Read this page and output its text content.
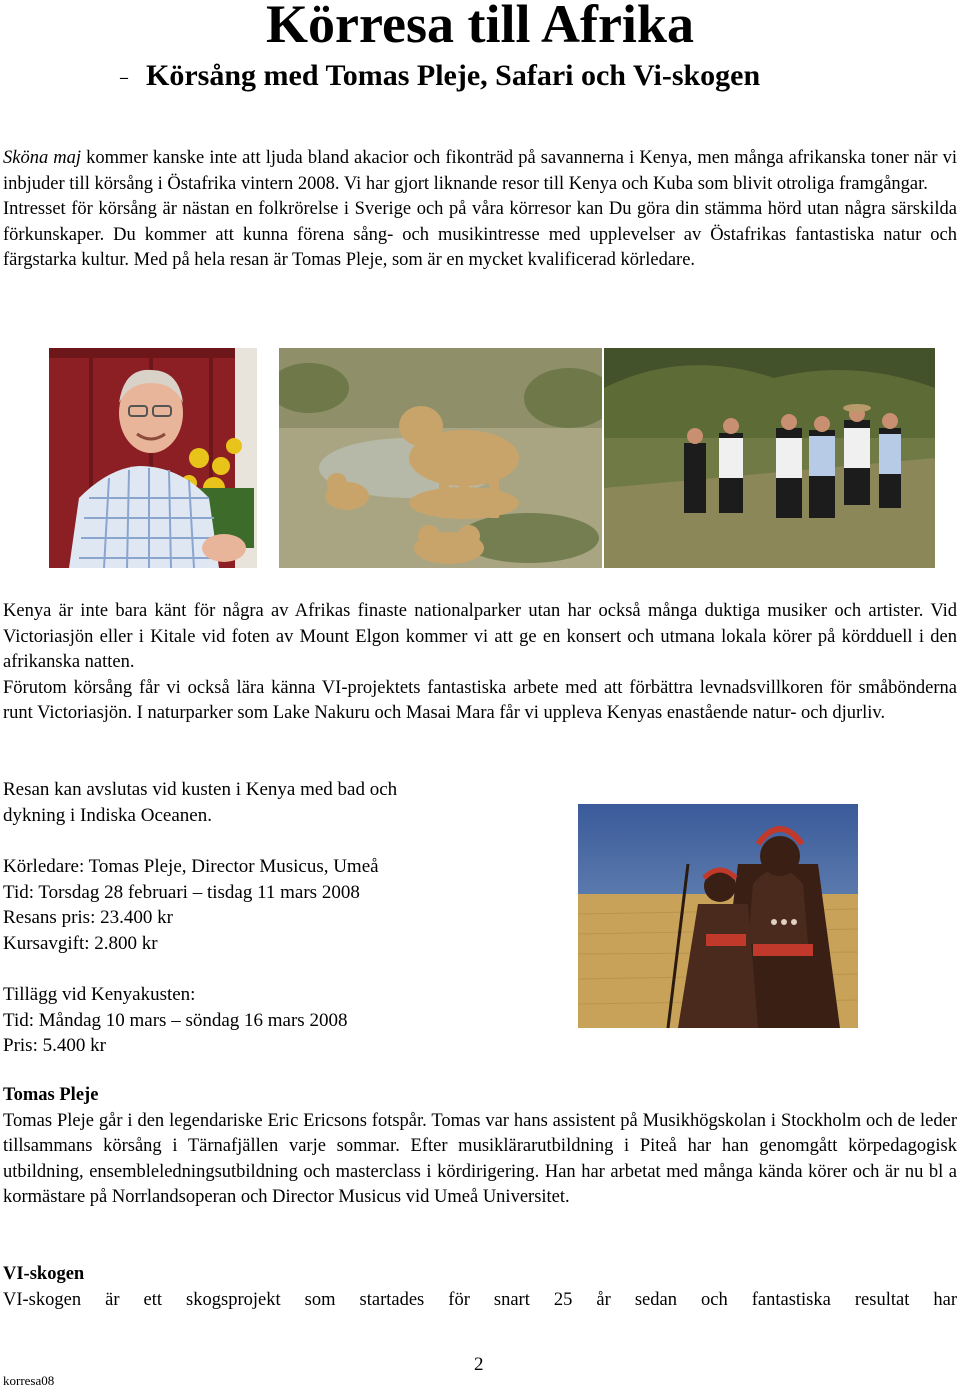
Körresa till Afrika
– Körsång med Tomas Pleje, Safari och Vi-skogen

Sköna maj kommer kanske inte att ljuda bland akacior och fikonträd på savannerna i Kenya, men många afrikanska toner när vi inbjuder till körsång i Östafrika vintern 2008. Vi har gjort liknande resor till Kenya och Kuba som blivit otroliga framgångar.

Intresset för körsång är nästan en folkrörelse i Sverige och på våra körresor kan Du göra din stämma hörd utan några särskilda förkunskaper. Du kommer att kunna förena sång- och musikintresse med upplevelser av Östafrikas fantastiska natur och färgstarka kultur. Med på hela resan är Tomas Pleje, som är en mycket kvalificerad körledare.

Kenya är inte bara känt för några av Afrikas finaste nationalparker utan har också många duktiga musiker och artister. Vid Victoriasjön eller i Kitale vid foten av Mount Elgon kommer vi att ge en konsert och utmana lokala körer på kördduell i den afrikanska natten.

Förutom körsång får vi också lära känna VI-projektets fantastiska arbete med att förbättra levnadsvillkoren för småbönderna runt Victoriasjön. I naturparker som Lake Nakuru och Masai Mara får vi uppleva Kenyas enastående natur- och djurliv.

Resan kan avslutas vid kusten i Kenya med bad och
dykning i Indiska Oceanen.
Körledare: Tomas Pleje, Director Musicus, Umeå
Tid: Torsdag 28 februari – tisdag 11 mars 2008
Resans pris: 23.400 kr
Kursavgift: 2.800 kr
Tillägg vid Kenyakusten:
Tid: Måndag 10 mars – söndag 16 mars 2008
Pris: 5.400 kr

Tomas Pleje

Tomas Pleje går i den legendariske Eric Ericsons fotspår. Tomas var hans assistent på Musikhögskolan i Stockholm och de leder tillsammans körsång i Tärnafjällen varje sommar. Efter musiklärarutbildning i Piteå har han genomgått körpedagogisk utbildning, ensembleledningsutbildning och masterclass i kördirigering. Han har arbetat med många kända körer och är nu bl a kormästare på Norrlandsoperan och Director Musicus vid Umeå Universitet.

VI-skogen

VI-skogen är ett skogsprojekt som startades för snart 25 år sedan och fantastiska resultat har

2
korresa08
